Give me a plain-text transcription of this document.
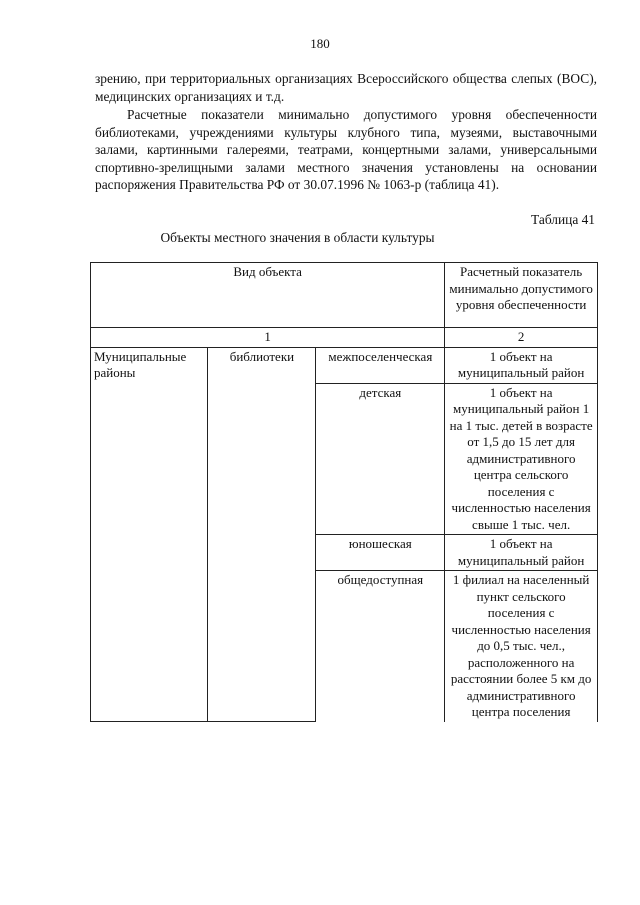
180

зрению, при территориальных организациях Всероссийского общества слепых (ВОС), медицинских организациях и т.д.

Расчетные показатели минимально допустимого уровня обеспеченности библиотеками, учреждениями культуры клубного типа, музеями, выставочными залами, картинными галереями, театрами, концертными залами, универсальными спортивно-зрелищными залами местного значения установлены на основании распоряжения Правительства РФ от 30.07.1996 № 1063-р (таблица 41).

Таблица 41
Объекты местного значения в области культуры
Вид объекта			Расчетный показатель минимально допустимого уровня обеспеченности
1			2
Муниципальные районы	библиотеки	межпоселенческая	1 объект на муниципальный район
		детская	1 объект на муниципальный район 1 на 1 тыс. детей в возрасте от 1,5 до 15 лет для административного центра сельского поселения с численностью населения свыше 1 тыс. чел.
		юношеская	1 объект на муниципальный район
		общедоступная	1 филиал на населенный пункт сельского поселения с численностью населения до 0,5 тыс. чел., расположенного на расстоянии более 5 км до административного центра поселения
